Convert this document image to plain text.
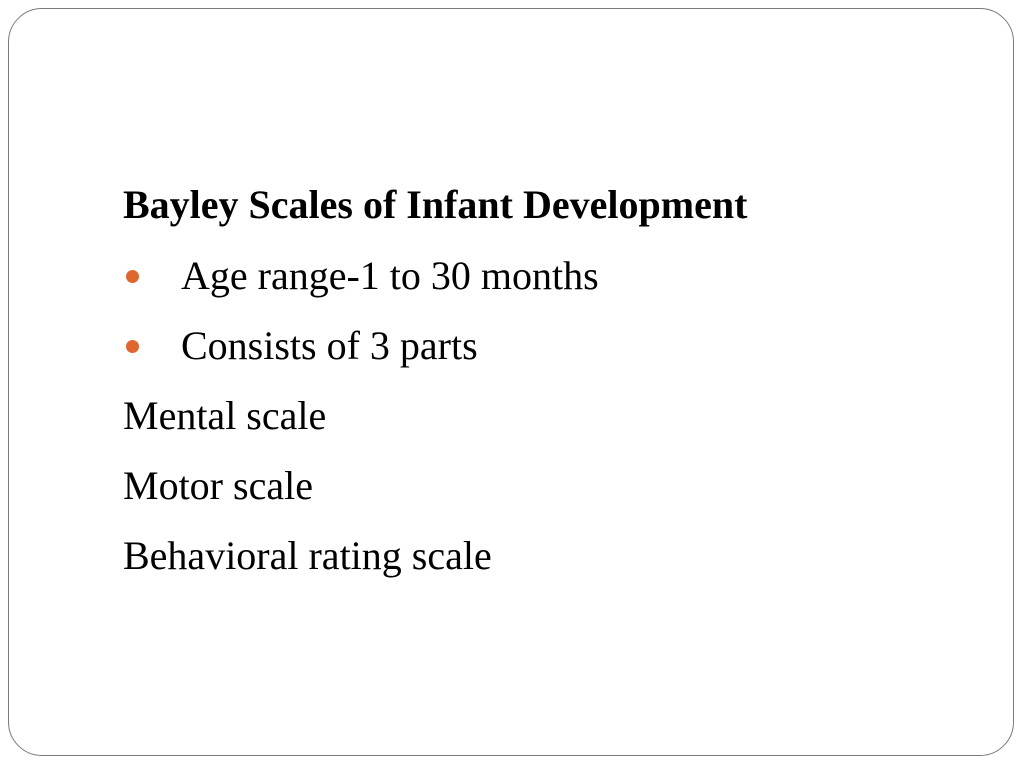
Bayley Scales of Infant Development
Age range-1 to 30 months
Consists of 3 parts
Mental scale
Motor scale
Behavioral rating scale
